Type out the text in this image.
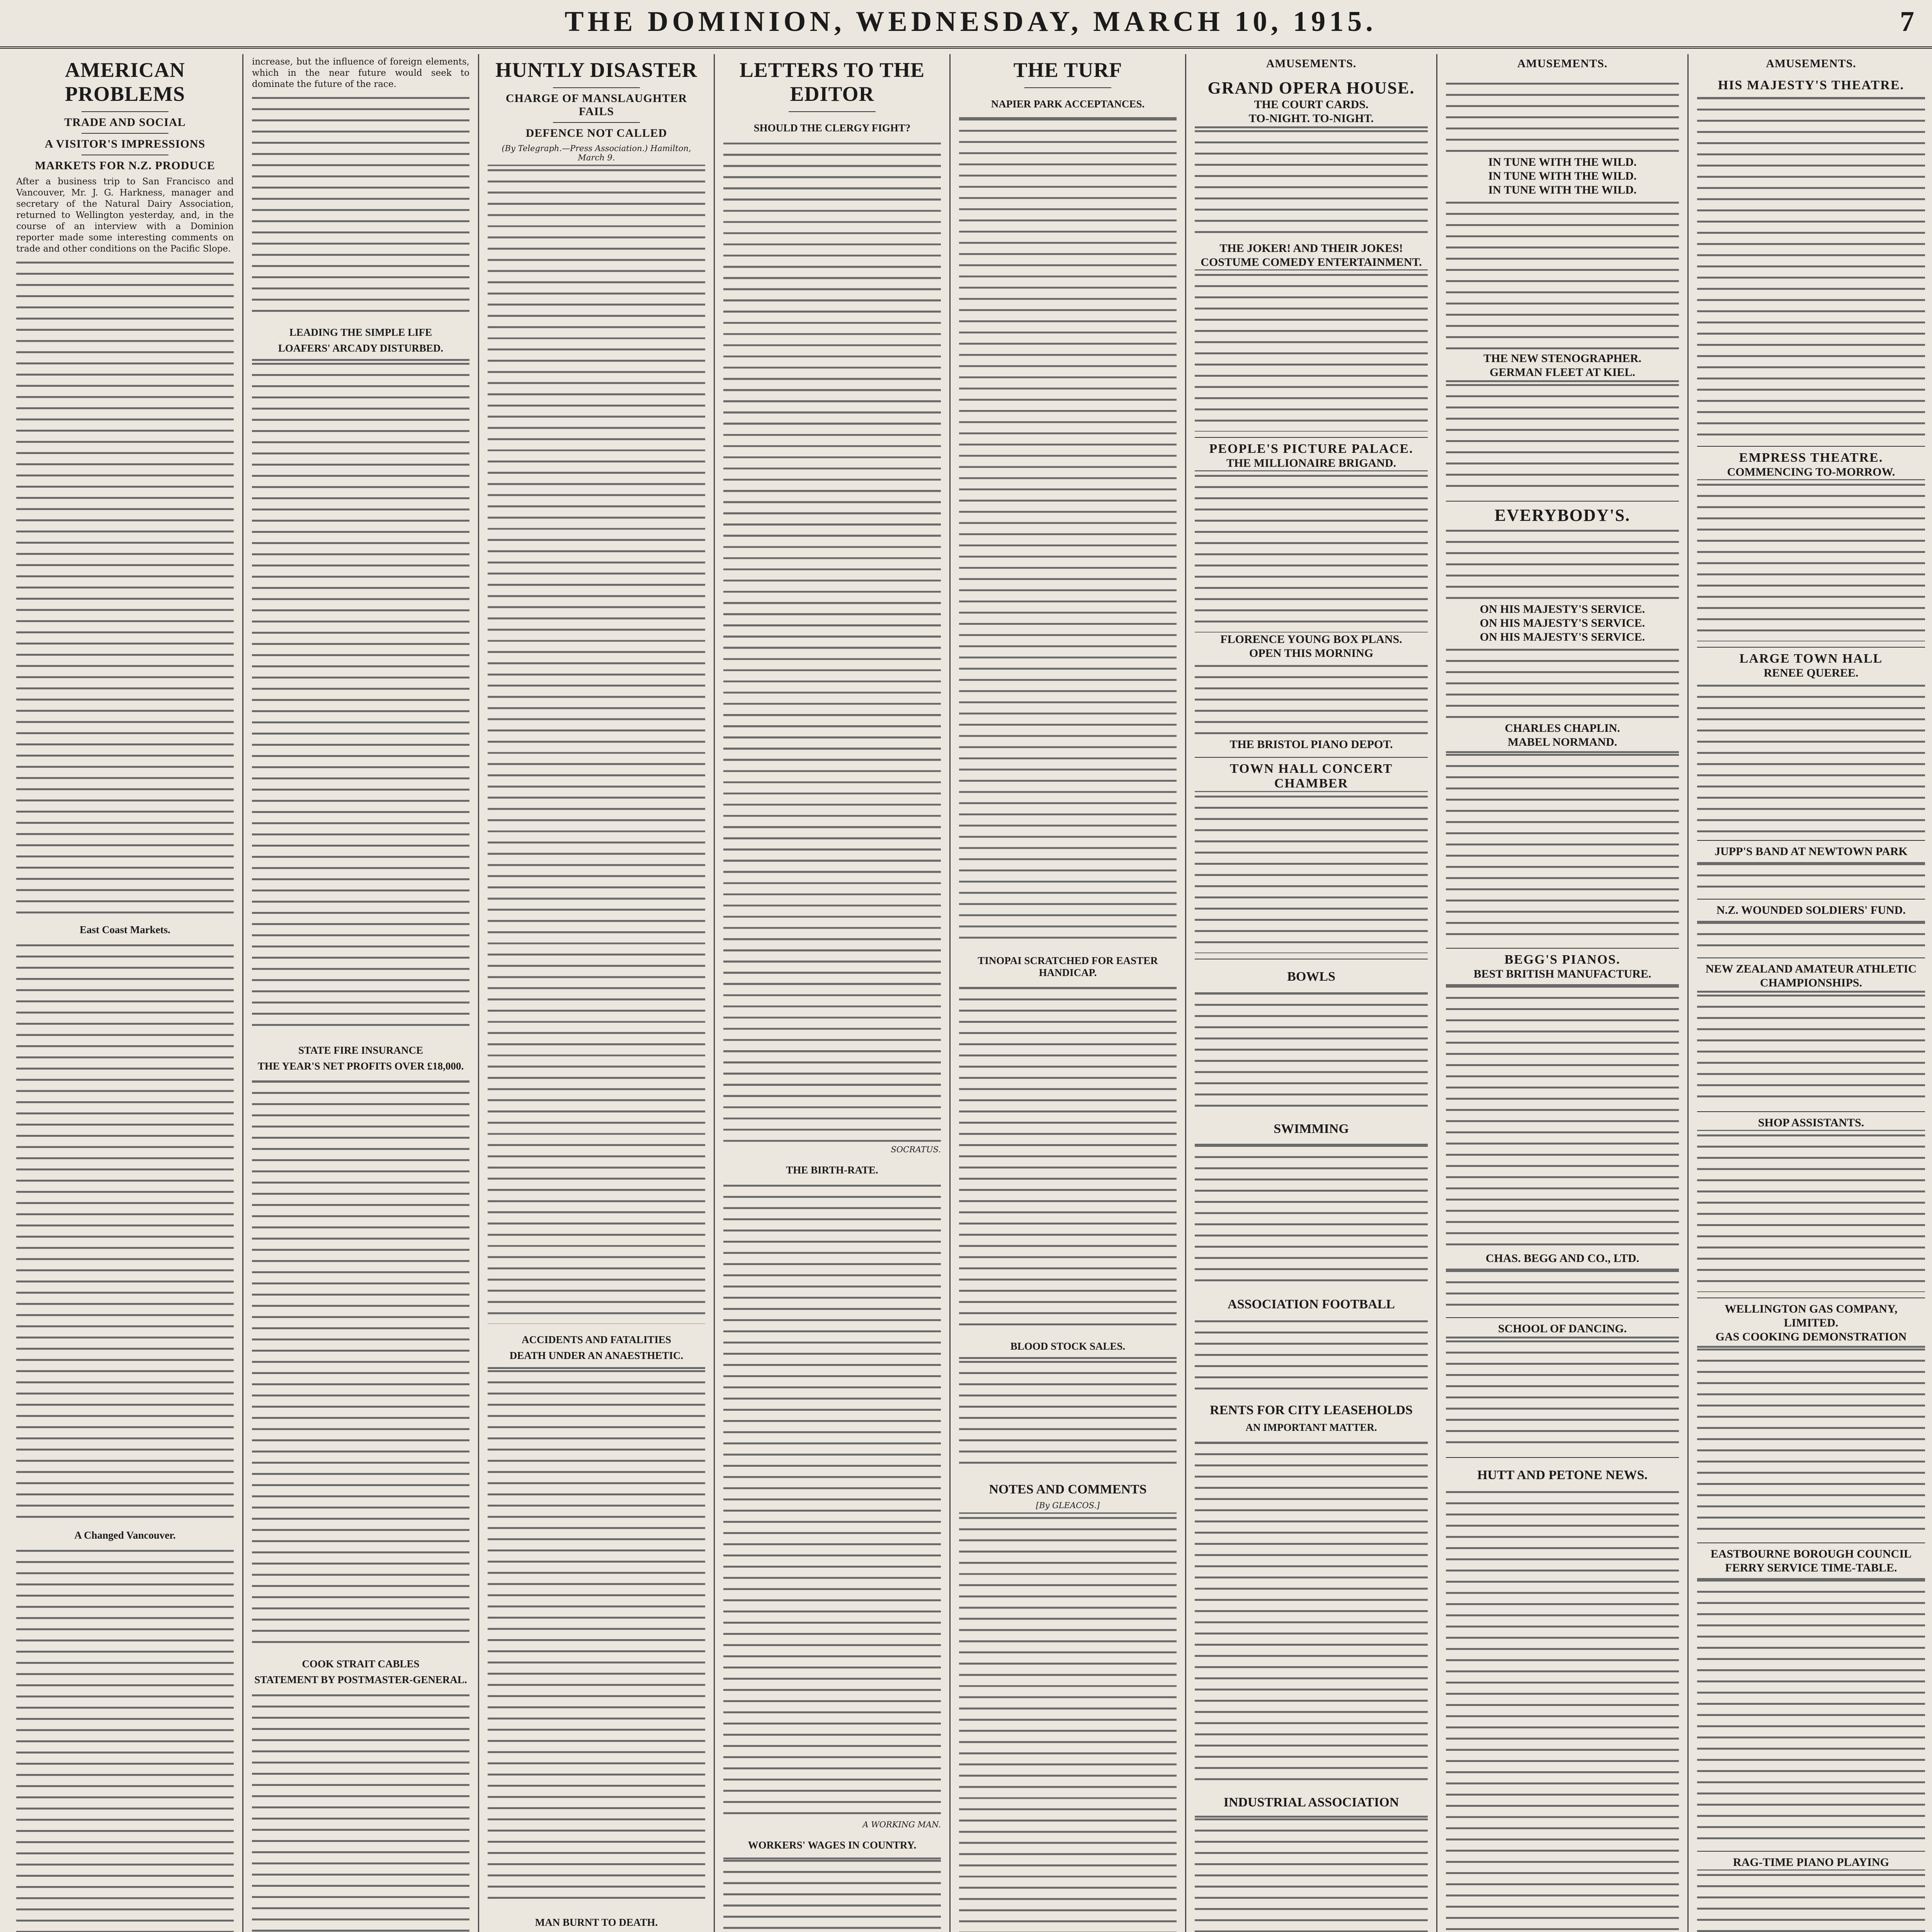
THE DOMINION, WEDNESDAY, MARCH 10, 1915.	7
AMERICAN PROBLEMS
TRADE AND SOCIAL
A VISITOR'S IMPRESSIONS
MARKETS FOR N.Z. PRODUCE

After a business trip to San Francisco and Vancouver, Mr. J. G. Harkness, manager and secretary of the Natural Dairy Association, returned to Wellington yesterday, and, in the course of an interview with a Dominion reporter made some interesting comments on trade and other conditions on the Pacific Slope.

East Coast Markets.
A Changed Vancouver.

increase, but the influence of foreign elements, which in the near future would seek to dominate the future of the race.

LEADING THE SIMPLE LIFE
LOAFERS' ARCADY DISTURBED.
STATE FIRE INSURANCE
THE YEAR'S NET PROFITS OVER £18,000.
COOK STRAIT CABLES
STATEMENT BY POSTMASTER-GENERAL.
HUNTLY DISASTER
CHARGE OF MANSLAUGHTER FAILS
DEFENCE NOT CALLED
(By Telegraph.—Press Association.) Hamilton, March 9.
ACCIDENTS AND FATALITIES
DEATH UNDER AN ANAESTHETIC.
MAN BURNT TO DEATH.
LETTERS TO THE EDITOR
SHOULD THE CLERGY FIGHT?
SOCRATUS.
THE BIRTH-RATE.
A WORKING MAN.
WORKERS' WAGES IN COUNTRY.
THE TURF
NAPIER PARK ACCEPTANCES.
TINOPAI SCRATCHED FOR EASTER HANDICAP.
BLOOD STOCK SALES.
NOTES AND COMMENTS
[By GLEACOS.]
AMUSEMENTS.
GRAND OPERA HOUSE.
THE COURT CARDS.
TO-NIGHT. TO-NIGHT.
THE JOKER! AND THEIR JOKES!
COSTUME COMEDY ENTERTAINMENT.
PEOPLE'S PICTURE PALACE.
THE MILLIONAIRE BRIGAND.
FLORENCE YOUNG BOX PLANS.
OPEN THIS MORNING
THE BRISTOL PIANO DEPOT.
TOWN HALL CONCERT CHAMBER
BOWLS
SWIMMING
ASSOCIATION FOOTBALL
RENTS FOR CITY LEASEHOLDS
AN IMPORTANT MATTER.
INDUSTRIAL ASSOCIATION
AMUSEMENTS.
IN TUNE WITH THE WILD.
IN TUNE WITH THE WILD.
IN TUNE WITH THE WILD.
THE NEW STENOGRAPHER.
GERMAN FLEET AT KIEL.
EVERYBODY'S.
ON HIS MAJESTY'S SERVICE.
ON HIS MAJESTY'S SERVICE.
ON HIS MAJESTY'S SERVICE.
CHARLES CHAPLIN.
MABEL NORMAND.
BEGG'S PIANOS.
BEST BRITISH MANUFACTURE.
CHAS. BEGG AND CO., LTD.
SCHOOL OF DANCING.
HUTT AND PETONE NEWS.
AMUSEMENTS.
HIS MAJESTY'S THEATRE.
EMPRESS THEATRE.
COMMENCING TO-MORROW.
LARGE TOWN HALL
RENEE QUEREE.
JUPP'S BAND AT NEWTOWN PARK
N.Z. WOUNDED SOLDIERS' FUND.
NEW ZEALAND AMATEUR ATHLETIC CHAMPIONSHIPS.
SHOP ASSISTANTS.
WELLINGTON GAS COMPANY, LIMITED.
GAS COOKING DEMONSTRATION
EASTBOURNE BOROUGH COUNCIL
FERRY SERVICE TIME-TABLE.
RAG-TIME PIANO PLAYING
